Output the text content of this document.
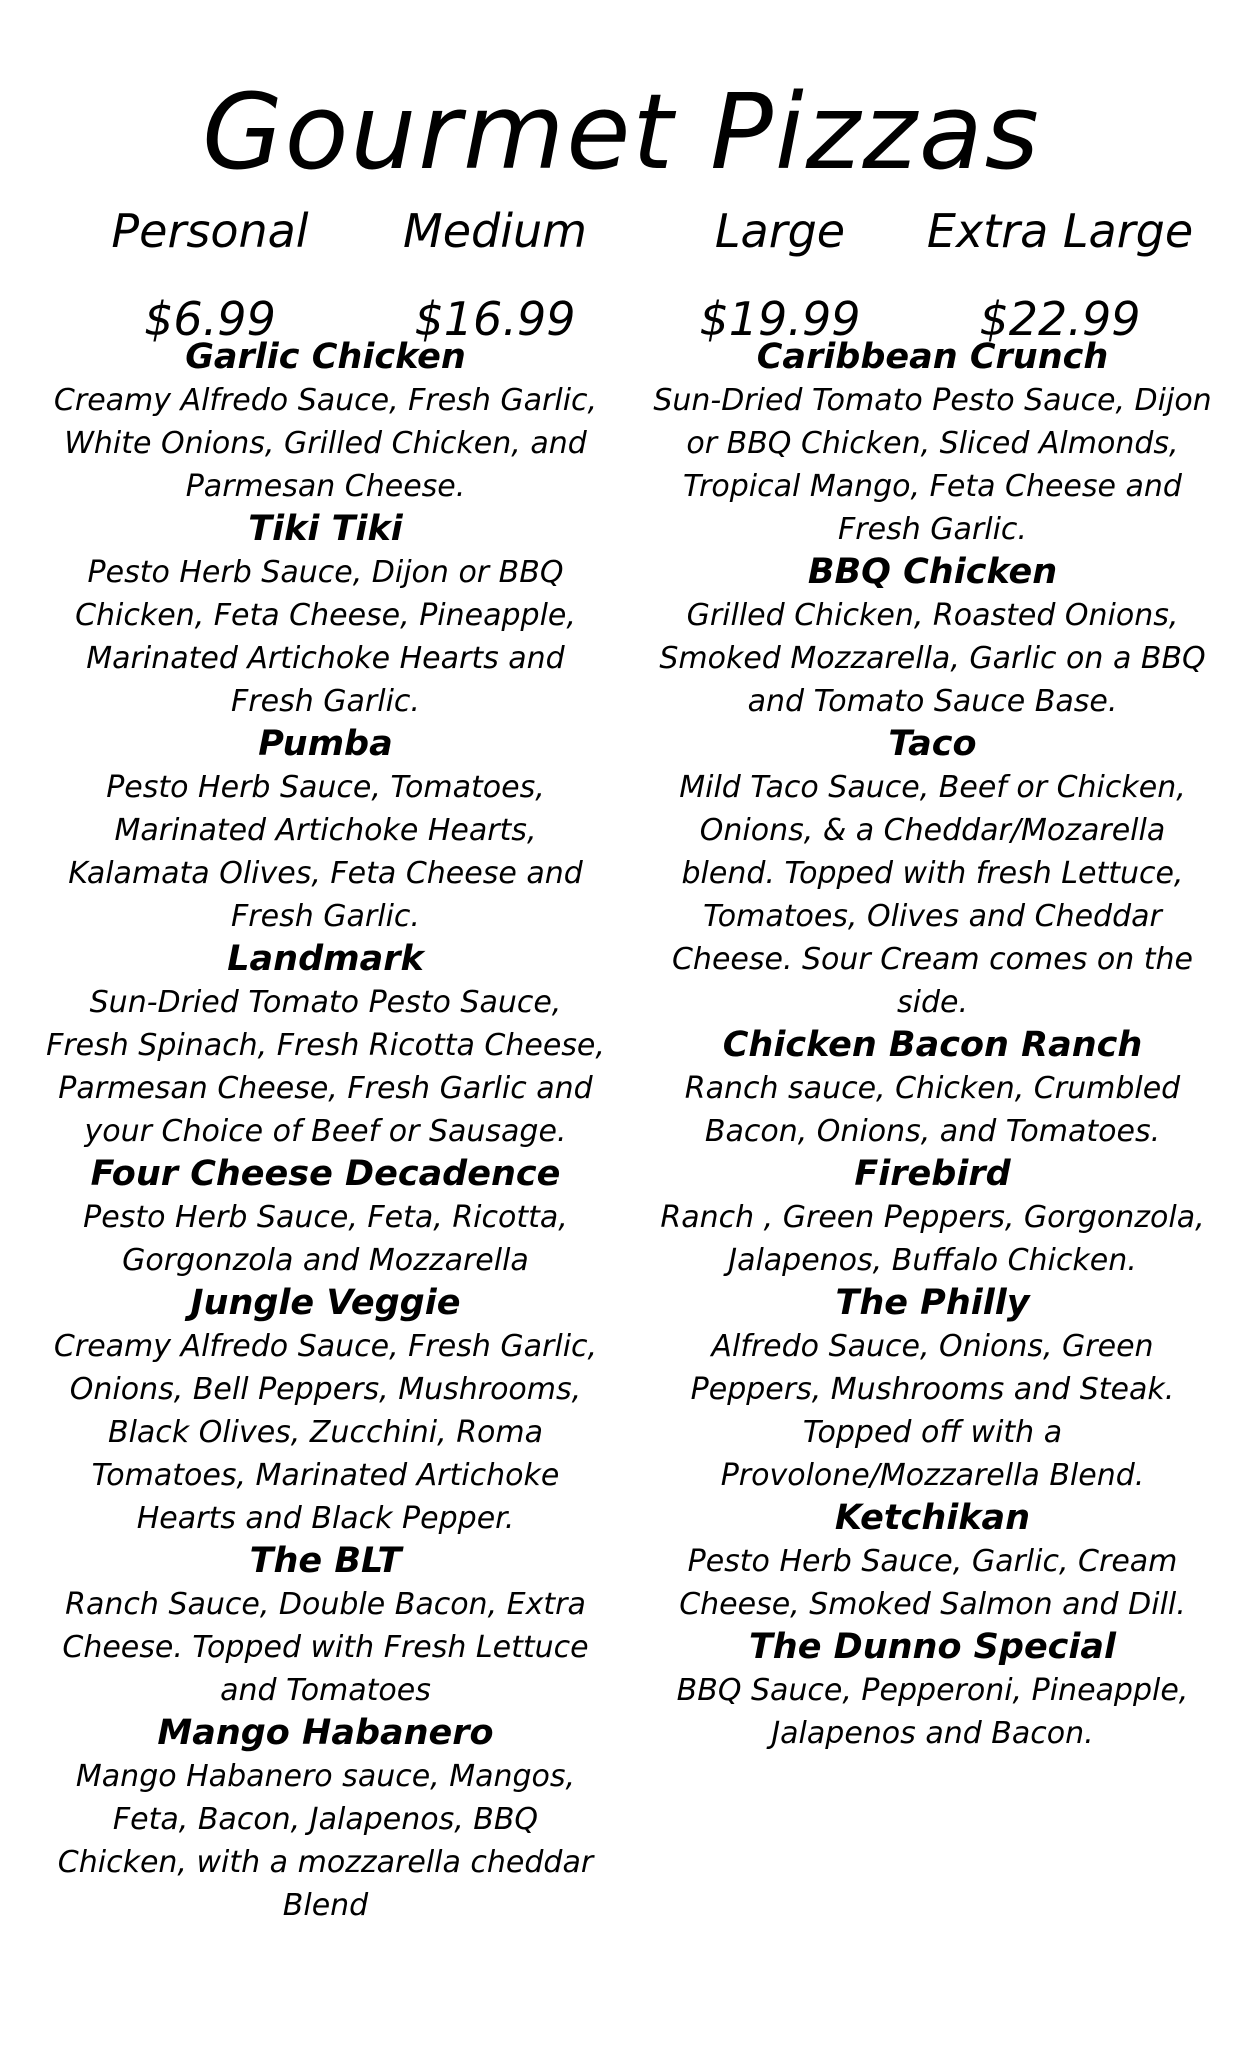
Gourmet Pizzas
Personal
$6.99
Medium
$16.99
Large
$19.99
Extra Large
$22.99
Garlic Chicken
Creamy Alfredo Sauce, Fresh Garlic, White Onions, Grilled Chicken, and Parmesan Cheese.
Tiki Tiki
Pesto Herb Sauce, Dijon or BBQ Chicken, Feta Cheese, Pineapple, Marinated Artichoke Hearts and Fresh Garlic.
Pumba
Pesto Herb Sauce, Tomatoes, Marinated Artichoke Hearts, Kalamata Olives, Feta Cheese and Fresh Garlic.
Landmark
Sun-Dried Tomato Pesto Sauce, Fresh Spinach, Fresh Ricotta Cheese, Parmesan Cheese, Fresh Garlic and your Choice of Beef or Sausage.
Four Cheese Decadence
Pesto Herb Sauce, Feta, Ricotta, Gorgonzola and Mozzarella
Jungle Veggie
Creamy Alfredo Sauce, Fresh Garlic, Onions, Bell Peppers, Mushrooms, Black Olives, Zucchini, Roma Tomatoes, Marinated Artichoke Hearts and Black Pepper.
The BLT
Ranch Sauce, Double Bacon, Extra Cheese. Topped with Fresh Lettuce and Tomatoes
Mango Habanero
Mango Habanero sauce, Mangos, Feta, Bacon, Jalapenos, BBQ Chicken, with a mozzarella cheddar Blend
Caribbean Crunch
Sun-Dried Tomato Pesto Sauce, Dijon or BBQ Chicken, Sliced Almonds, Tropical Mango, Feta Cheese and Fresh Garlic.
BBQ Chicken
Grilled Chicken, Roasted Onions, Smoked Mozzarella, Garlic on a BBQ and Tomato Sauce Base.
Taco
Mild Taco Sauce, Beef or Chicken, Onions, & a Cheddar/Mozarella blend. Topped with fresh Lettuce, Tomatoes, Olives and Cheddar Cheese. Sour Cream comes on the side.
Chicken Bacon Ranch
Ranch sauce, Chicken, Crumbled Bacon, Onions, and Tomatoes.
Firebird
Ranch , Green Peppers, Gorgonzola, Jalapenos, Buffalo Chicken.
The Philly
Alfredo Sauce, Onions, Green Peppers, Mushrooms and Steak. Topped off with a Provolone/Mozzarella Blend.
Ketchikan
Pesto Herb Sauce, Garlic, Cream Cheese, Smoked Salmon and Dill.
The Dunno Special
BBQ Sauce, Pepperoni, Pineapple, Jalapenos and Bacon.
